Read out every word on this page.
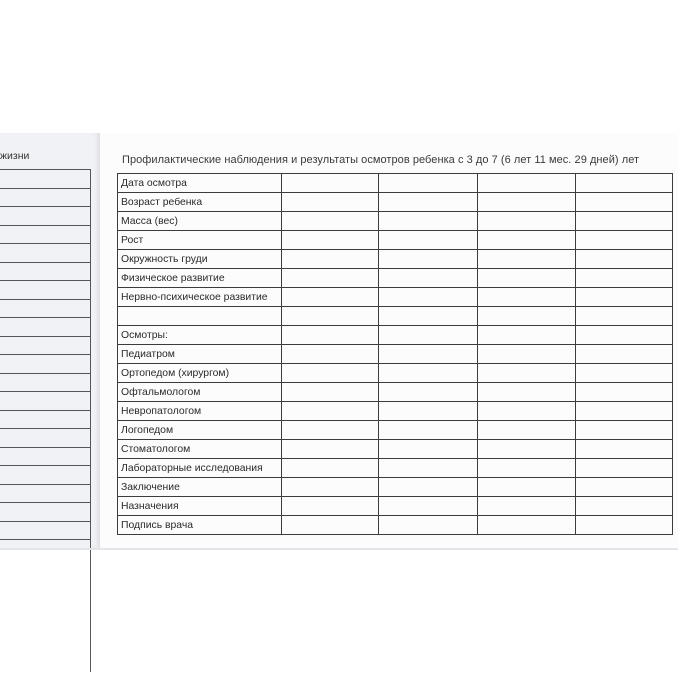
жизни	Профилактические наблюдения и результаты осмотров ребенка с 3 до 7 (6 лет 11 мес. 29 дней) лет
Дата осмотра				
Возраст ребенка				
Масса (вес)				
Рост				
Окружность груди				
Физическое развитие				
Нервно-психическое развитие				

Осмотры:				
Педиатром				
Ортопедом (хирургом)				
Офтальмологом				
Невропатологом				
Логопедом				
Стоматологом				
Лабораторные исследования				
Заключение				
Назначения				
Подпись врача				
